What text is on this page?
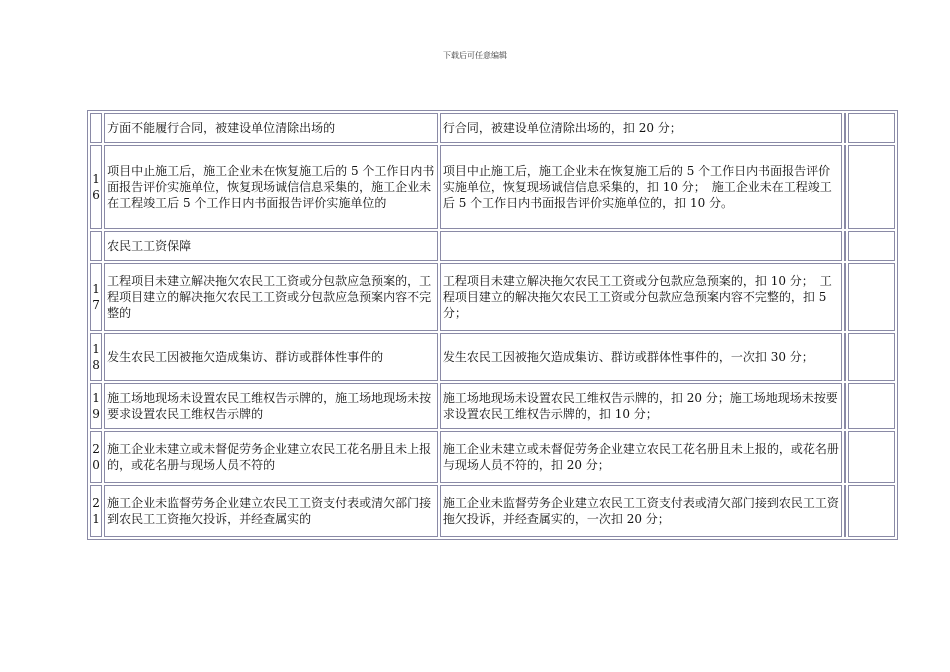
下载后可任意编辑
	方面不能履行合同，被建设单位清除出场的	行合同，被建设单位清除出场的，扣 20 分；		
16	项目中止施工后，施工企业未在恢复施工后的 5 个工作日内书面报告评价实施单位，恢复现场诚信信息采集的，施工企业未在工程竣工后 5 个工作日内书面报告评价实施单位的	项目中止施工后，施工企业未在恢复施工后的 5 个工作日内书面报告评价实施单位，恢复现场诚信信息采集的，扣 10 分；　施工企业未在工程竣工后 5 个工作日内书面报告评价实施单位的，扣 10 分。		
	农民工工资保障			
17	工程项目未建立解决拖欠农民工工资或分包款应急预案的，工程项目建立的解决拖欠农民工工资或分包款应急预案内容不完整的	工程项目未建立解决拖欠农民工工资或分包款应急预案的，扣 10 分；　工程项目建立的解决拖欠农民工工资或分包款应急预案内容不完整的，扣 5 分；		
18	发生农民工因被拖欠造成集访、群访或群体性事件的	发生农民工因被拖欠造成集访、群访或群体性事件的，一次扣 30 分；		
19	施工场地现场未设置农民工维权告示牌的，施工场地现场未按要求设置农民工维权告示牌的	施工场地现场未设置农民工维权告示牌的，扣 20 分；施工场地现场未按要求设置农民工维权告示牌的，扣 10 分；		
20	施工企业未建立或未督促劳务企业建立农民工花名册且未上报的，或花名册与现场人员不符的	施工企业未建立或未督促劳务企业建立农民工花名册且未上报的，或花名册与现场人员不符的，扣 20 分；		
21	施工企业未监督劳务企业建立农民工工资支付表或清欠部门接到农民工工资拖欠投诉，并经查属实的	施工企业未监督劳务企业建立农民工工资支付表或清欠部门接到农民工工资拖欠投诉，并经查属实的，一次扣 20 分；		
